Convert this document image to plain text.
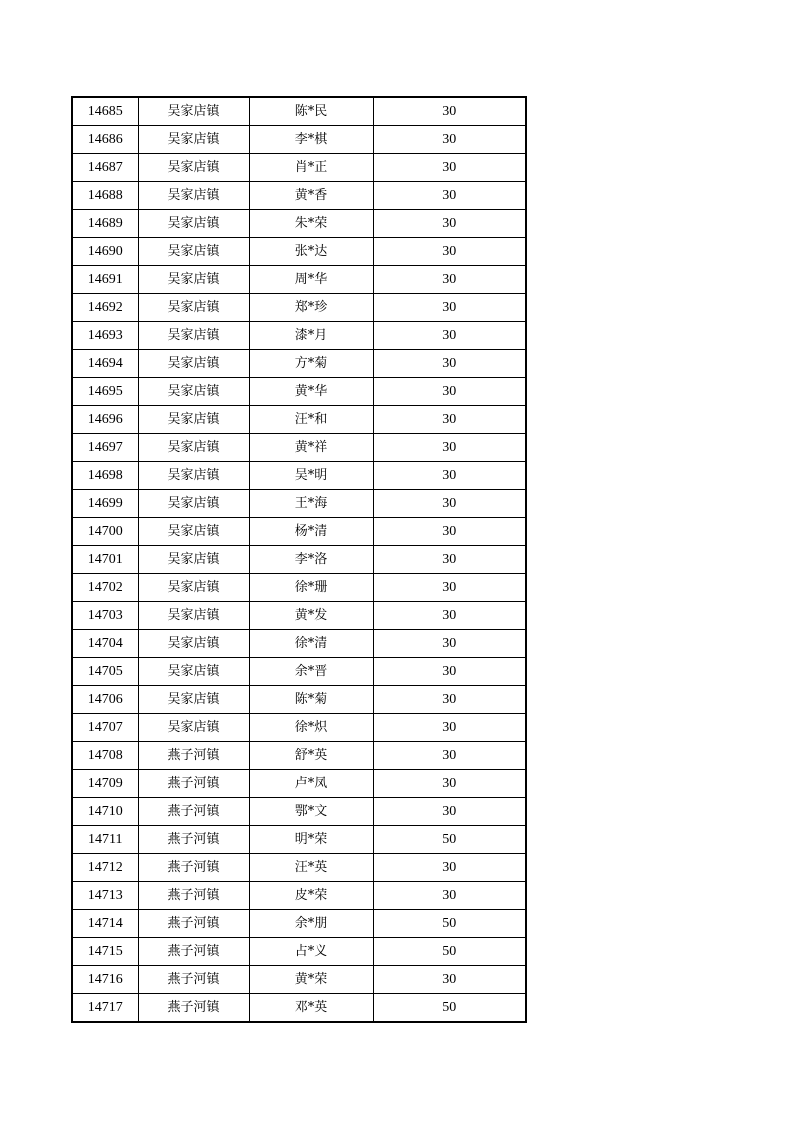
14685	吴家店镇	陈*民	30
14686	吴家店镇	李*棋	30
14687	吴家店镇	肖*正	30
14688	吴家店镇	黄*香	30
14689	吴家店镇	朱*荣	30
14690	吴家店镇	张*达	30
14691	吴家店镇	周*华	30
14692	吴家店镇	郑*珍	30
14693	吴家店镇	漆*月	30
14694	吴家店镇	方*菊	30
14695	吴家店镇	黄*华	30
14696	吴家店镇	汪*和	30
14697	吴家店镇	黄*祥	30
14698	吴家店镇	吴*明	30
14699	吴家店镇	王*海	30
14700	吴家店镇	杨*清	30
14701	吴家店镇	李*洛	30
14702	吴家店镇	徐*珊	30
14703	吴家店镇	黄*发	30
14704	吴家店镇	徐*清	30
14705	吴家店镇	余*晋	30
14706	吴家店镇	陈*菊	30
14707	吴家店镇	徐*炽	30
14708	燕子河镇	舒*英	30
14709	燕子河镇	卢*凤	30
14710	燕子河镇	鄂*文	30
14711	燕子河镇	明*荣	50
14712	燕子河镇	汪*英	30
14713	燕子河镇	皮*荣	30
14714	燕子河镇	余*朋	50
14715	燕子河镇	占*义	50
14716	燕子河镇	黄*荣	30
14717	燕子河镇	邓*英	50
